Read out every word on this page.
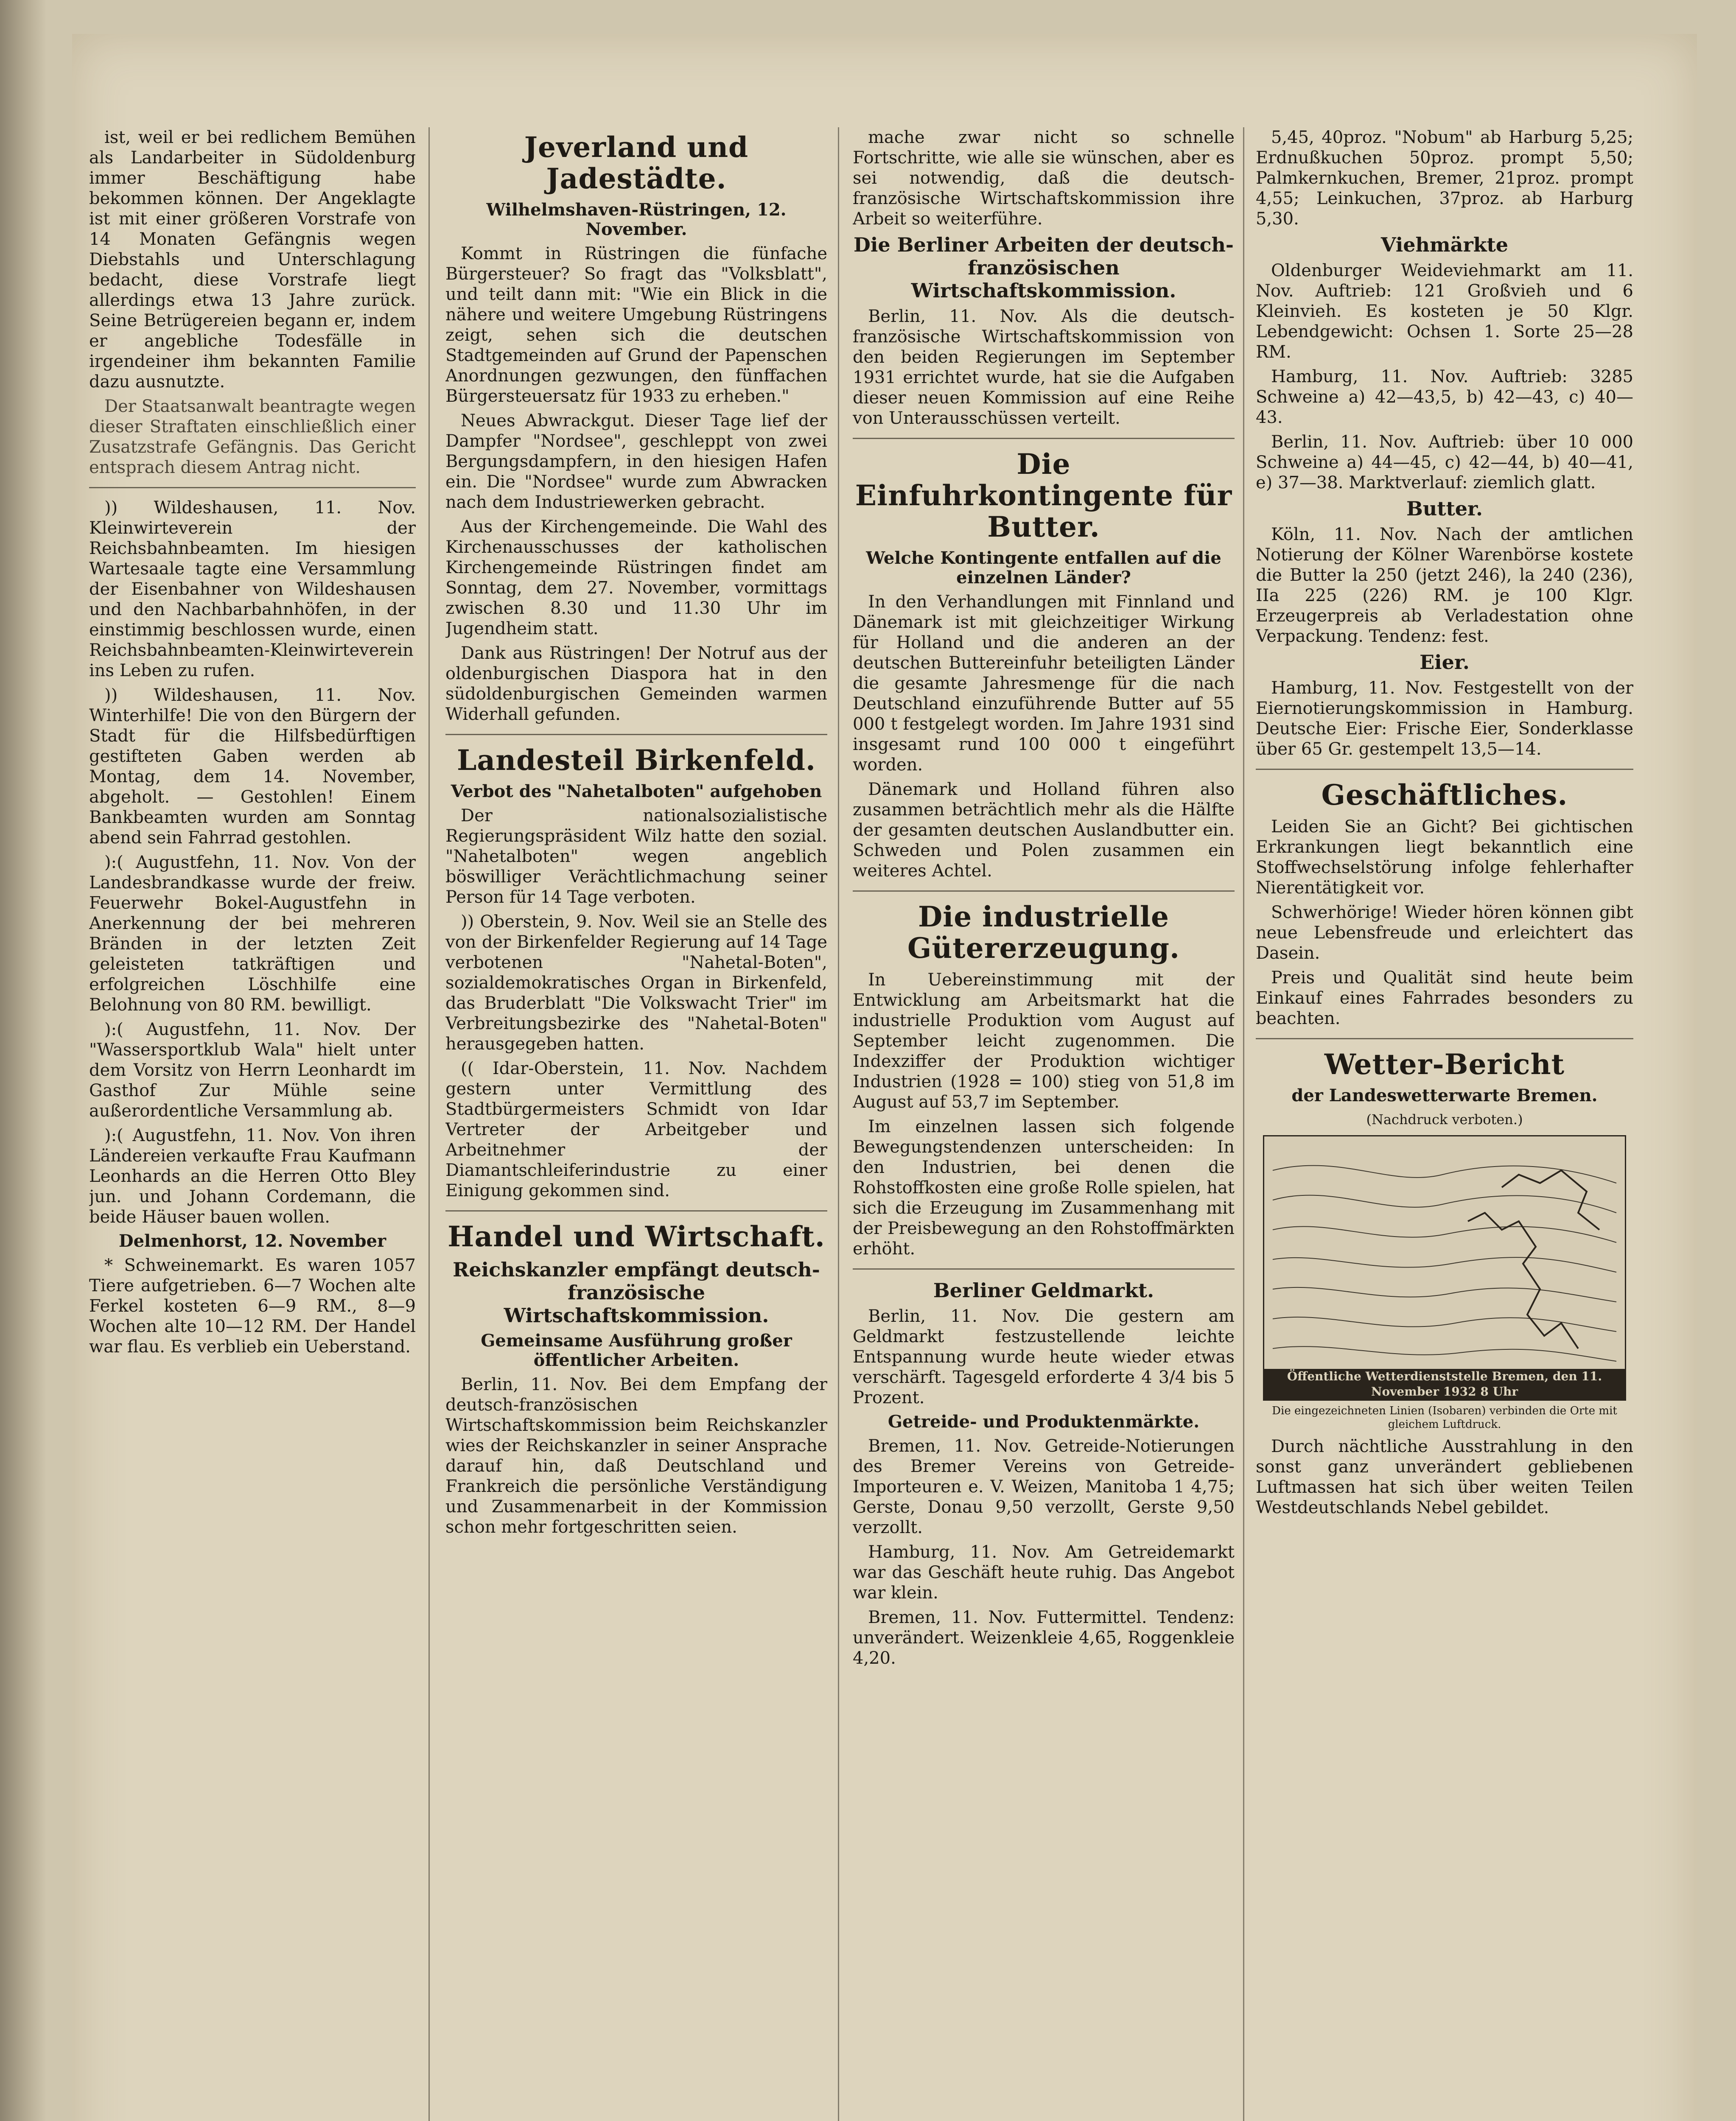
ist, weil er bei redlichem Bemühen als Landarbeiter in Südoldenburg immer Beschäftigung habe bekommen können. Der Angeklagte ist mit einer größeren Vorstrafe von 14 Monaten Gefängnis wegen Diebstahls und Unterschlagung bedacht, diese Vorstrafe liegt allerdings etwa 13 Jahre zurück. Seine Betrügereien begann er, indem er angebliche Todesfälle in irgendeiner ihm bekannten Familie dazu ausnutzte.

Der Staatsanwalt beantragte wegen dieser Straftaten einschließlich einer Zusatzstrafe Gefängnis. Das Gericht entsprach diesem Antrag nicht.

)) Wildeshausen, 11. Nov. Kleinwirteverein der Reichsbahnbeamten. Im hiesigen Wartesaale tagte eine Versammlung der Eisenbahner von Wildeshausen und den Nachbarbahnhöfen, in der einstimmig beschlossen wurde, einen Reichsbahnbeamten-Kleinwirteverein ins Leben zu rufen.

)) Wildeshausen, 11. Nov. Winterhilfe! Die von den Bürgern der Stadt für die Hilfsbedürftigen gestifteten Gaben werden ab Montag, dem 14. November, abgeholt. — Gestohlen! Einem Bankbeamten wurden am Sonntag abend sein Fahrrad gestohlen.

):( Augustfehn, 11. Nov. Von der Landesbrandkasse wurde der freiw. Feuerwehr Bokel-Augustfehn in Anerkennung der bei mehreren Bränden in der letzten Zeit geleisteten tatkräftigen und erfolgreichen Löschhilfe eine Belohnung von 80 RM. bewilligt.

):( Augustfehn, 11. Nov. Der "Wassersportklub Wala" hielt unter dem Vorsitz von Herrn Leonhardt im Gasthof Zur Mühle seine außerordentliche Versammlung ab.

):( Augustfehn, 11. Nov. Von ihren Ländereien verkaufte Frau Kaufmann Leonhards an die Herren Otto Bley jun. und Johann Cordemann, die beide Häuser bauen wollen.

Delmenhorst, 12. November

* Schweinemarkt. Es waren 1057 Tiere aufgetrieben. 6—7 Wochen alte Ferkel kosteten 6—9 RM., 8—9 Wochen alte 10—12 RM. Der Handel war flau. Es verblieb ein Ueberstand.

Jeverland und Jadestädte.
Wilhelmshaven-Rüstringen, 12. November.

Kommt in Rüstringen die fünfache Bürgersteuer? So fragt das "Volksblatt", und teilt dann mit: "Wie ein Blick in die nähere und weitere Umgebung Rüstringens zeigt, sehen sich die deutschen Stadtgemeinden auf Grund der Papenschen Anordnungen gezwungen, den fünffachen Bürgersteuersatz für 1933 zu erheben."

Neues Abwrackgut. Dieser Tage lief der Dampfer "Nordsee", geschleppt von zwei Bergungsdampfern, in den hiesigen Hafen ein. Die "Nordsee" wurde zum Abwracken nach dem Industriewerken gebracht.

Aus der Kirchengemeinde. Die Wahl des Kirchenausschusses der katholischen Kirchengemeinde Rüstringen findet am Sonntag, dem 27. November, vormittags zwischen 8.30 und 11.30 Uhr im Jugendheim statt.

Dank aus Rüstringen! Der Notruf aus der oldenburgischen Diaspora hat in den südoldenburgischen Gemeinden warmen Widerhall gefunden.

Landesteil Birkenfeld.
Verbot des "Nahetalboten" aufgehoben

Der nationalsozialistische Regierungspräsident Wilz hatte den sozial. "Nahetalboten" wegen angeblich böswilliger Verächtlichmachung seiner Person für 14 Tage verboten.

)) Oberstein, 9. Nov. Weil sie an Stelle des von der Birkenfelder Regierung auf 14 Tage verbotenen "Nahetal-Boten", sozialdemokratisches Organ in Birkenfeld, das Bruderblatt "Die Volkswacht Trier" im Verbreitungsbezirke des "Nahetal-Boten" herausgegeben hatten.

(( Idar-Oberstein, 11. Nov. Nachdem gestern unter Vermittlung des Stadtbürgermeisters Schmidt von Idar Vertreter der Arbeitgeber und Arbeitnehmer der Diamantschleiferindustrie zu einer Einigung gekommen sind.

Handel und Wirtschaft.
Reichskanzler empfängt deutsch-französische Wirtschaftskommission.
Gemeinsame Ausführung großer öffentlicher Arbeiten.

Berlin, 11. Nov. Bei dem Empfang der deutsch-französischen Wirtschaftskommission beim Reichskanzler wies der Reichskanzler in seiner Ansprache darauf hin, daß Deutschland und Frankreich die persönliche Verständigung und Zusammenarbeit in der Kommission schon mehr fortgeschritten seien.

mache zwar nicht so schnelle Fortschritte, wie alle sie wünschen, aber es sei notwendig, daß die deutsch-französische Wirtschaftskommission ihre Arbeit so weiterführe.

Die Berliner Arbeiten der deutsch-französischen Wirtschaftskommission.

Berlin, 11. Nov. Als die deutsch-französische Wirtschaftskommission von den beiden Regierungen im September 1931 errichtet wurde, hat sie die Aufgaben dieser neuen Kommission auf eine Reihe von Unterausschüssen verteilt.

Die Einfuhrkontingente für Butter.
Welche Kontingente entfallen auf die einzelnen Länder?

In den Verhandlungen mit Finnland und Dänemark ist mit gleichzeitiger Wirkung für Holland und die anderen an der deutschen Buttereinfuhr beteiligten Länder die gesamte Jahresmenge für die nach Deutschland einzuführende Butter auf 55 000 t festgelegt worden. Im Jahre 1931 sind insgesamt rund 100 000 t eingeführt worden.

Dänemark und Holland führen also zusammen beträchtlich mehr als die Hälfte der gesamten deutschen Auslandbutter ein. Schweden und Polen zusammen ein weiteres Achtel.

Die industrielle Gütererzeugung.

In Uebereinstimmung mit der Entwicklung am Arbeitsmarkt hat die industrielle Produktion vom August auf September leicht zugenommen. Die Indexziffer der Produktion wichtiger Industrien (1928 = 100) stieg von 51,8 im August auf 53,7 im September.

Im einzelnen lassen sich folgende Bewegungstendenzen unterscheiden: In den Industrien, bei denen die Rohstoffkosten eine große Rolle spielen, hat sich die Erzeugung im Zusammenhang mit der Preisbewegung an den Rohstoffmärkten erhöht.

Berliner Geldmarkt.

Berlin, 11. Nov. Die gestern am Geldmarkt festzustellende leichte Entspannung wurde heute wieder etwas verschärft. Tagesgeld erforderte 4 3/4 bis 5 Prozent.

Getreide- und Produktenmärkte.

Bremen, 11. Nov. Getreide-Notierungen des Bremer Vereins von Getreide-Importeuren e. V. Weizen, Manitoba 1 4,75; Gerste, Donau 9,50 verzollt, Gerste 9,50 verzollt.

Hamburg, 11. Nov. Am Getreidemarkt war das Geschäft heute ruhig. Das Angebot war klein.

Bremen, 11. Nov. Futtermittel. Tendenz: unverändert. Weizenkleie 4,65, Roggenkleie 4,20.

5,45, 40proz. "Nobum" ab Harburg 5,25; Erdnußkuchen 50proz. prompt 5,50; Palmkernkuchen, Bremer, 21proz. prompt 4,55; Leinkuchen, 37proz. ab Harburg 5,30.

Viehmärkte

Oldenburger Weideviehmarkt am 11. Nov. Auftrieb: 121 Großvieh und 6 Kleinvieh. Es kosteten je 50 Klgr. Lebendgewicht: Ochsen 1. Sorte 25—28 RM.

Hamburg, 11. Nov. Auftrieb: 3285 Schweine a) 42—43,5, b) 42—43, c) 40—43.

Berlin, 11. Nov. Auftrieb: über 10 000 Schweine a) 44—45, c) 42—44, b) 40—41, e) 37—38. Marktverlauf: ziemlich glatt.

Butter.

Köln, 11. Nov. Nach der amtlichen Notierung der Kölner Warenbörse kostete die Butter la 250 (jetzt 246), la 240 (236), IIa 225 (226) RM. je 100 Klgr. Erzeugerpreis ab Verladestation ohne Verpackung. Tendenz: fest.

Eier.

Hamburg, 11. Nov. Festgestellt von der Eiernotierungskommission in Hamburg. Deutsche Eier: Frische Eier, Sonderklasse über 65 Gr. gestempelt 13,5—14.

Geschäftliches.

Leiden Sie an Gicht? Bei gichtischen Erkrankungen liegt bekanntlich eine Stoffwechselstörung infolge fehlerhafter Nierentätigkeit vor.

Schwerhörige! Wieder hören können gibt neue Lebensfreude und erleichtert das Dasein.

Preis und Qualität sind heute beim Einkauf eines Fahrrades besonders zu beachten.

Wetter-Bericht
der Landeswetterwarte Bremen.
(Nachdruck verboten.)
Öffentliche Wetterdienststelle Bremen, den 11. November 1932 8 Uhr
Die eingezeichneten Linien (Isobaren) verbinden die Orte mit gleichem Luftdruck.

Durch nächtliche Ausstrahlung in den sonst ganz unverändert gebliebenen Luftmassen hat sich über weiten Teilen Westdeutschlands Nebel gebildet.
